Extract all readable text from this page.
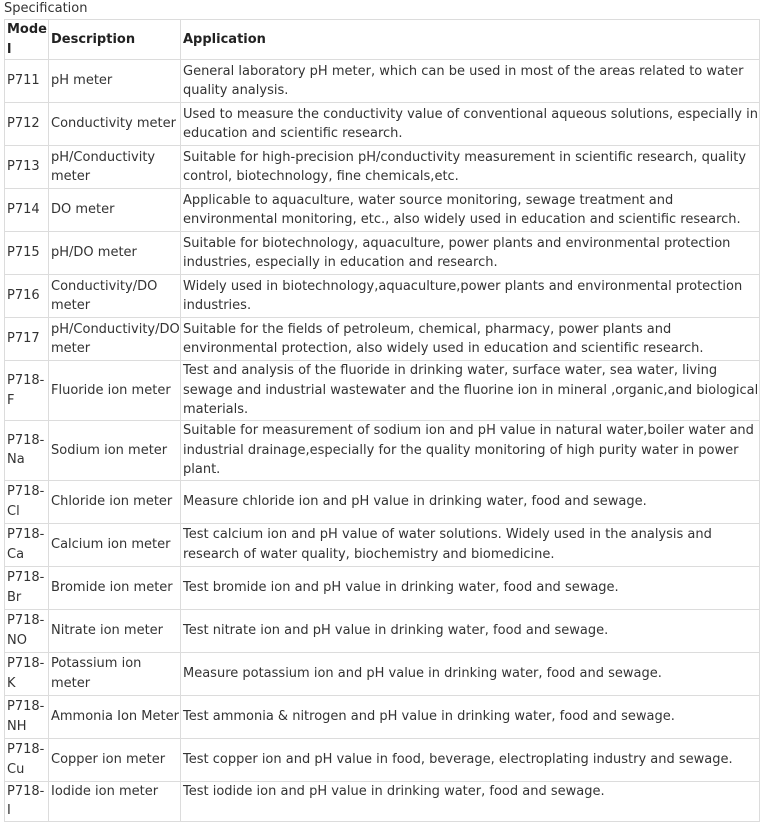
Specification
Model	Description	Application
P711	pH meter	General laboratory pH meter, which can be used in most of the areas related to water quality analysis.
P712	Conductivity meter	Used to measure the conductivity value of conventional aqueous solutions, especially in education and scientific research.
P713	pH/Conductivity meter	Suitable for high-precision pH/conductivity measurement in scientific research, quality control, biotechnology, fine chemicals,etc.
P714	DO meter	Applicable to aquaculture, water source monitoring, sewage treatment and environmental monitoring, etc., also widely used in education and scientific research.
P715	pH/DO meter	Suitable for biotechnology, aquaculture, power plants and environmental protection industries, especially in education and research.
P716	Conductivity/DO meter	Widely used in biotechnology,aquaculture,power plants and environmental protection industries.
P717	pH/Conductivity/DO meter	Suitable for the fields of petroleum, chemical, pharmacy, power plants and environmental protection, also widely used in education and scientific research.
P718-F	Fluoride ion meter	Test and analysis of the fluoride in drinking water, surface water, sea water, living sewage and industrial wastewater and the fluorine ion in mineral ,organic,and biological materials.
P718-Na	Sodium ion meter	Suitable for measurement of sodium ion and pH value in natural water,boiler water and industrial drainage,especially for the quality monitoring of high purity water in power plant.
P718-Cl	Chloride ion meter	Measure chloride ion and pH value in drinking water, food and sewage.
P718-Ca	Calcium ion meter	Test calcium ion and pH value of water solutions. Widely used in the analysis and research of water quality, biochemistry and biomedicine.
P718-Br	Bromide ion meter	Test bromide ion and pH value in drinking water, food and sewage.
P718-NO	Nitrate ion meter	Test nitrate ion and pH value in drinking water, food and sewage.
P718-K	Potassium ion meter	Measure potassium ion and pH value in drinking water, food and sewage.
P718-NH	Ammonia Ion Meter	Test ammonia & nitrogen and pH value in drinking water, food and sewage.
P718-Cu	Copper ion meter	Test copper ion and pH value in food, beverage, electroplating industry and sewage.
P718-I	Iodide ion meter	Test iodide ion and pH value in drinking water, food and sewage.
